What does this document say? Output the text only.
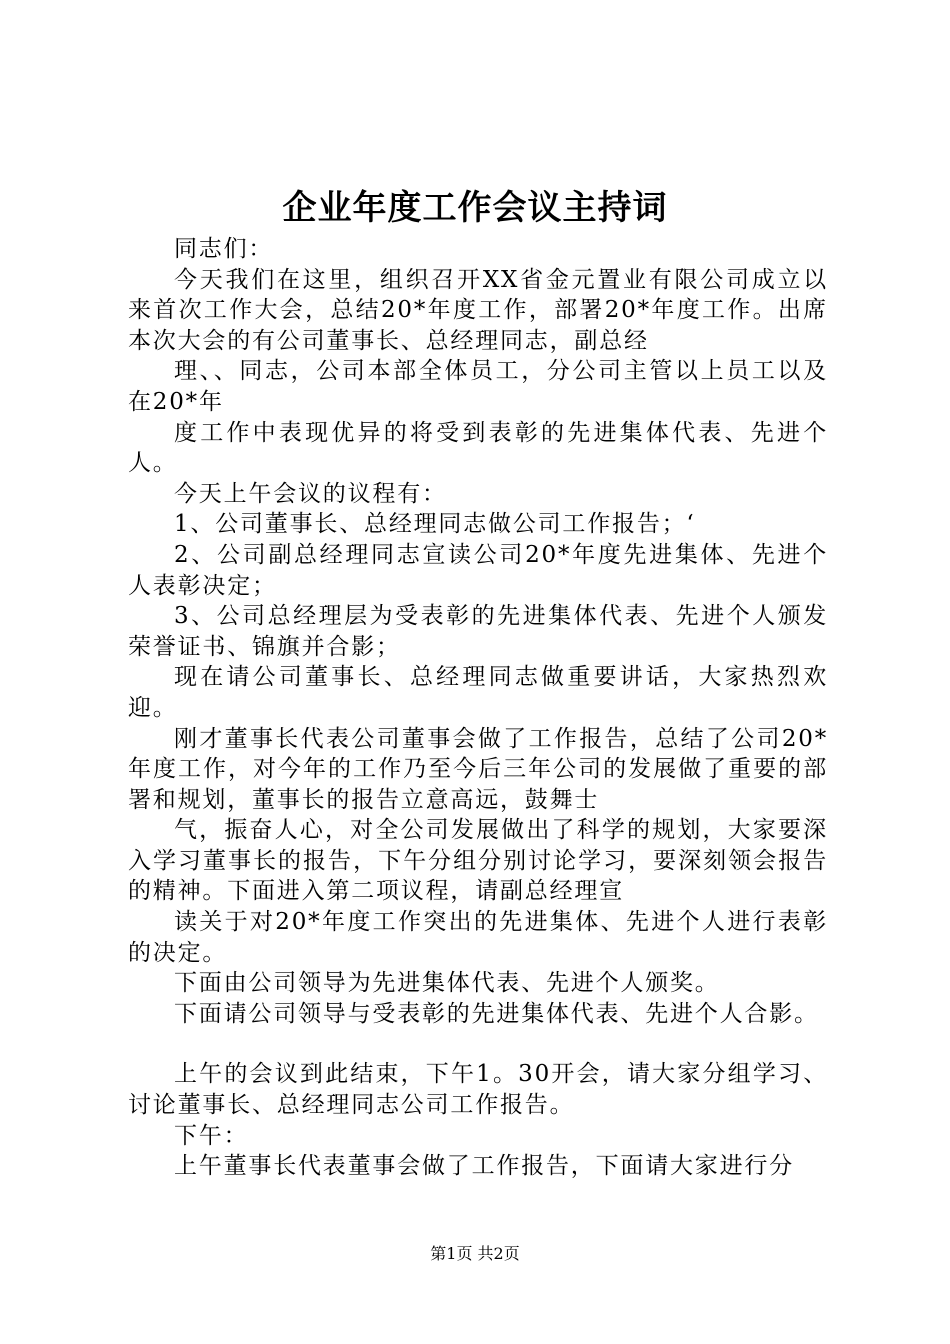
企业年度工作会议主持词

同志们：

今天我们在这里，组织召开XX省金元置业有限公司成立以来首次工作大会，总结20*年度工作，部署20*年度工作。出席本次大会的有公司董事长、总经理同志，副总经

理、、同志，公司本部全体员工，分公司主管以上员工以及在20*年

度工作中表现优异的将受到表彰的先进集体代表、先进个人。

今天上午会议的议程有：

1、公司董事长、总经理同志做公司工作报告；‘

2、公司副总经理同志宣读公司20*年度先进集体、先进个人表彰决定；

3、公司总经理层为受表彰的先进集体代表、先进个人颁发荣誉证书、锦旗并合影；

现在请公司董事长、总经理同志做重要讲话，大家热烈欢迎。

刚才董事长代表公司董事会做了工作报告，总结了公司20*年度工作，对今年的工作乃至今后三年公司的发展做了重要的部署和规划，董事长的报告立意高远，鼓舞士

气，振奋人心，对全公司发展做出了科学的规划，大家要深入学习董事长的报告，下午分组分别讨论学习，要深刻领会报告的精神。下面进入第二项议程，请副总经理宣

读关于对20*年度工作突出的先进集体、先进个人进行表彰的决定。

下面由公司领导为先进集体代表、先进个人颁奖。

下面请公司领导与受表彰的先进集体代表、先进个人合影。

上午的会议到此结束，下午1。30开会，请大家分组学习、讨论董事长、总经理同志公司工作报告。

下午：

上午董事长代表董事会做了工作报告，下面请大家进行分

第1页 共2页
